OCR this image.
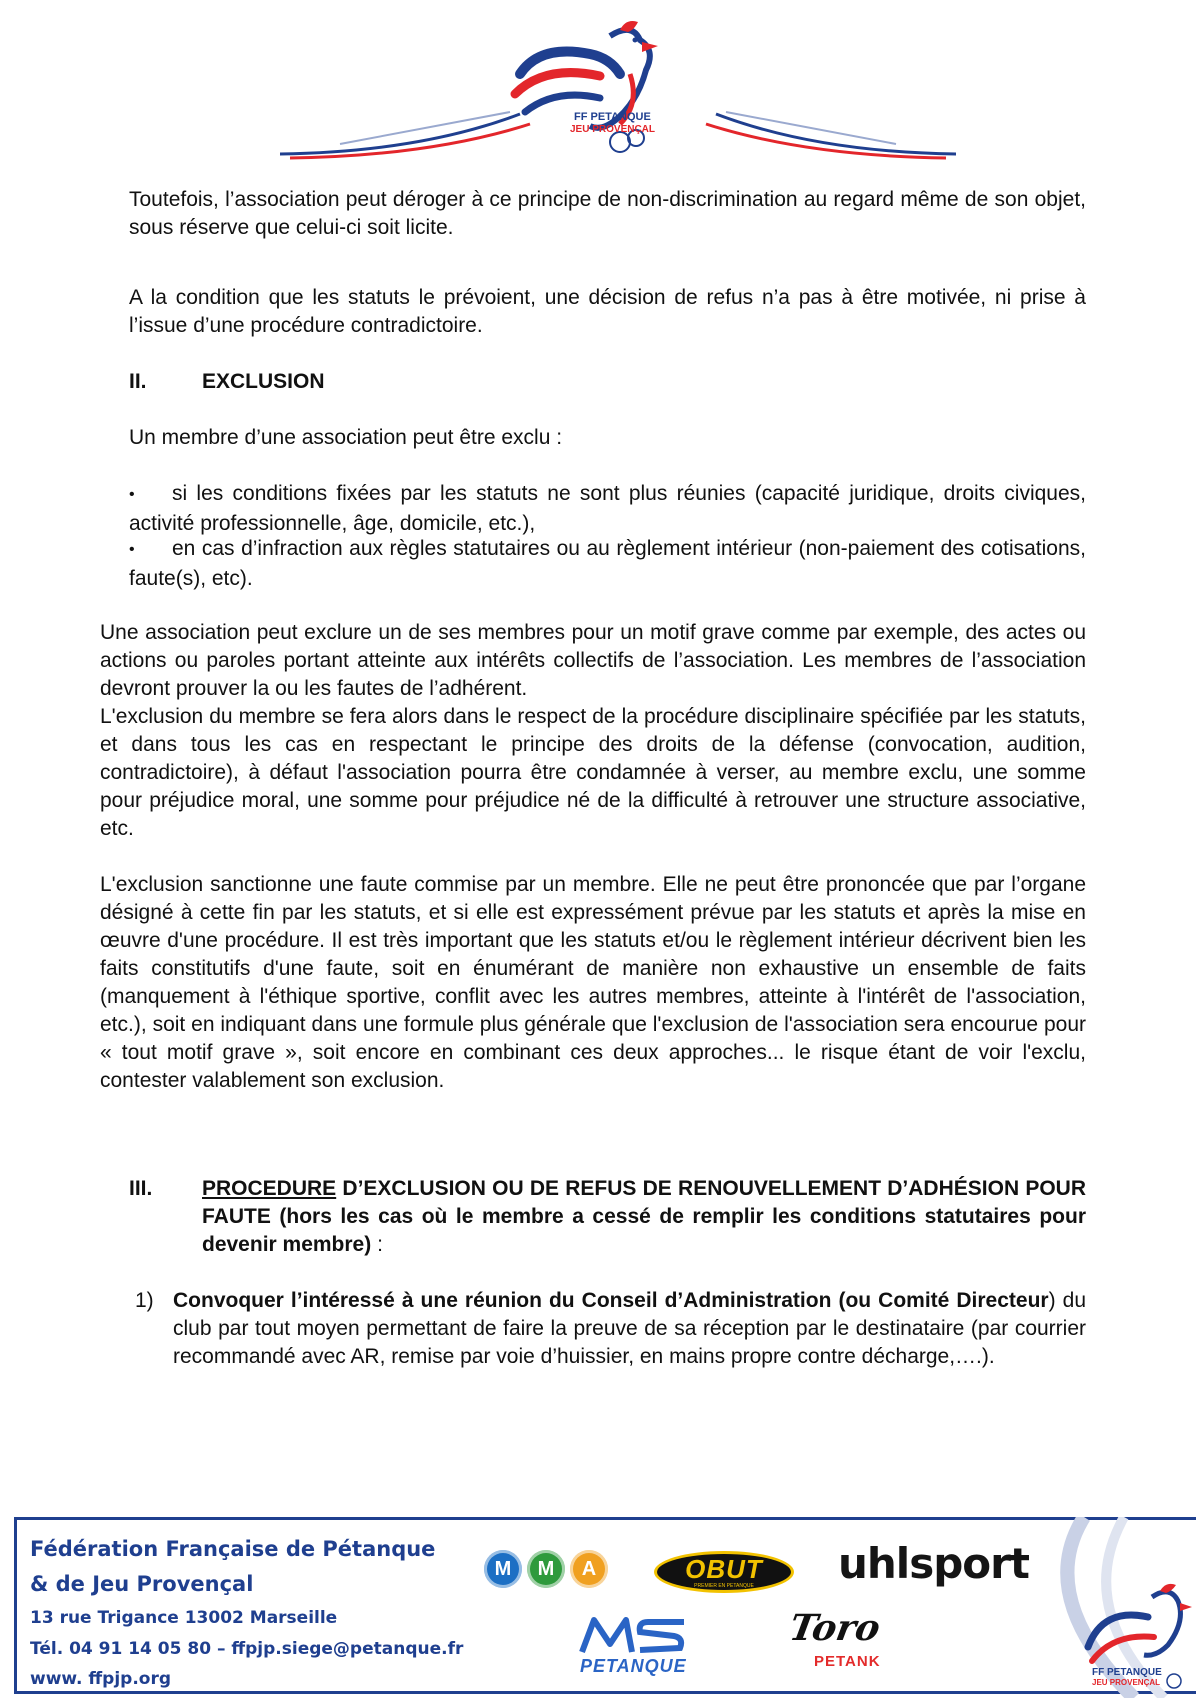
FF PETANQUE
JEU PROVENÇAL

Toutefois, l’association peut déroger à ce principe de non-discrimination au regard même de son objet, sous réserve que celui-ci soit licite.

A la condition que les statuts le prévoient, une décision de refus n’a pas à être motivée, ni prise à l’issue d’une procédure contradictoire.

II.	EXCLUSION

Un membre d’une association peut être exclu :

•si les conditions fixées par les statuts ne sont plus réunies (capacité juridique, droits civiques, activité professionnelle, âge, domicile, etc.),
•en cas d’infraction aux règles statutaires ou au règlement intérieur (non-paiement des cotisations, faute(s), etc).

Une association peut exclure un de ses membres pour un motif grave comme par exemple, des actes ou actions ou paroles portant atteinte aux intérêts collectifs de l’association. Les membres de l’association devront prouver la ou les fautes de l’adhérent.

L'exclusion du membre se fera alors dans le respect de la procédure disciplinaire spécifiée par les statuts, et dans tous les cas en respectant le principe des droits de la défense (convocation, audition, contradictoire), à défaut l'association pourra être condamnée à verser, au membre exclu, une somme pour préjudice moral, une somme pour préjudice né de la difficulté à retrouver une structure associative, etc.

L'exclusion sanctionne une faute commise par un membre. Elle ne peut être prononcée que par l’organe désigné à cette fin par les statuts, et si elle est expressément prévue par les statuts et après la mise en œuvre d'une procédure. Il est très important que les statuts et/ou le règlement intérieur décrivent bien les faits constitutifs d'une faute, soit en énumérant de manière non exhaustive un ensemble de faits (manquement à l'éthique sportive, conflit avec les autres membres, atteinte à l'intérêt de l'association, etc.), soit en indiquant dans une formule plus générale que l'exclusion de l'association sera encourue pour « tout motif grave », soit encore en combinant ces deux approches... le risque étant de voir l'exclu, contester valablement son exclusion.

III. PROCEDURE D’EXCLUSION OU DE REFUS DE RENOUVELLEMENT D’ADHÉSION POUR FAUTE (hors les cas où le membre a cessé de remplir les conditions statutaires pour devenir membre) :
1) Convoquer l’intéressé à une réunion du Conseil d’Administration (ou Comité Directeur) du club par tout moyen permettant de faire la preuve de sa réception par le destinataire (par courrier recommandé avec AR, remise par voie d’huissier, en mains propre contre décharge,….).
Fédération Française de Pétanque
& de Jeu Provençal
13 rue Trigance 13002 Marseille
Tél. 04 91 14 05 80 – ffpjp.siege@petanque.fr
www. ffpjp.org
M	M	A	OBUT
PREMIER EN PETANQUE	uhlsport
PETANQUE
Toro
PETANK
FF PETANQUE
JEU PROVENÇAL
